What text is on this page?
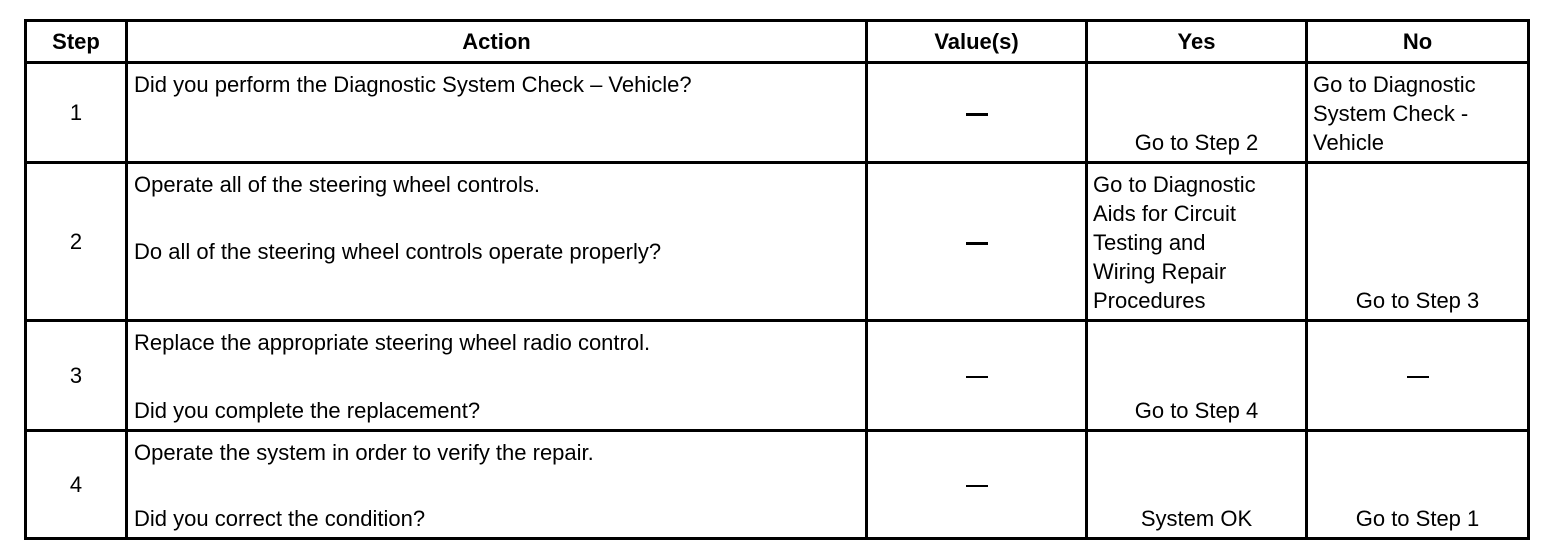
Step	Action	Value(s)	Yes	No
1	Did you perform the Diagnostic System Check – Vehicle?		Go to Step 2	Go to Diagnostic
System Check -
Vehicle

2	Operate all of the steering wheel controls.
Do all of the steering wheel controls operate properly?		Go to Diagnostic
Aids for Circuit
Testing and
Wiring Repair
Procedures	Go to Step 3
3	Replace the appropriate steering wheel radio control.
Did you complete the replacement?		Go to Step 4	
4	Operate the system in order to verify the repair.
Did you correct the condition?		System OK	Go to Step 1
